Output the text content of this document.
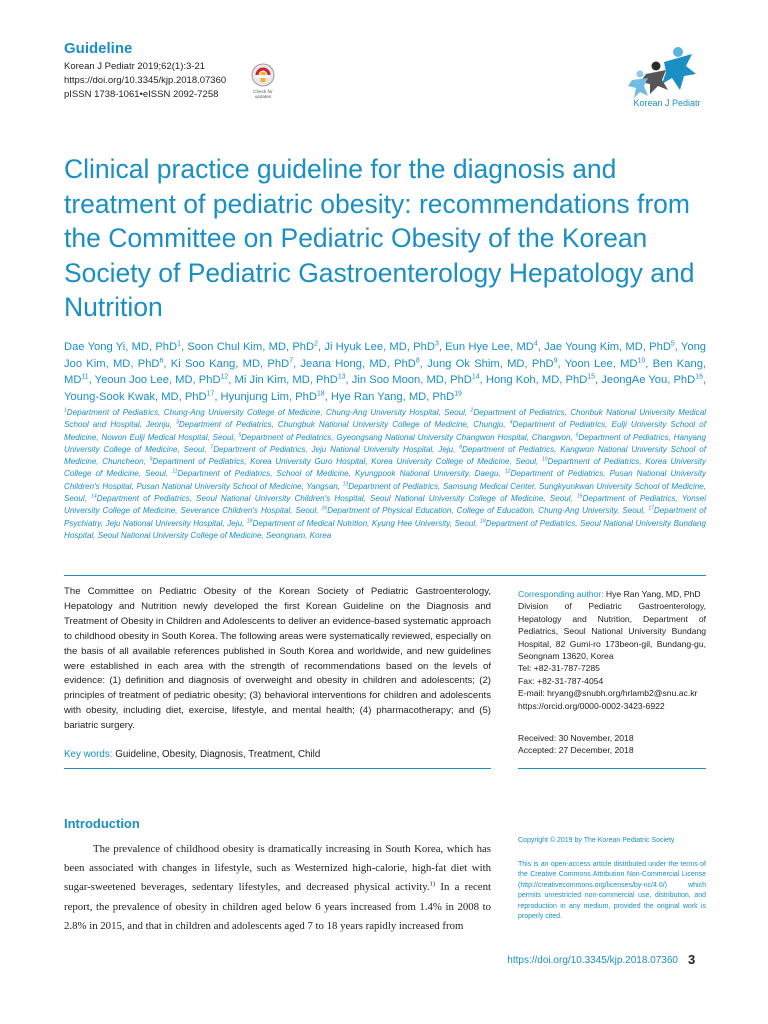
Guideline
Korean J Pediatr 2019;62(1):3-21
https://doi.org/10.3345/kjp.2018.07360
pISSN 1738-1061•eISSN 2092-7258	Check for
updates
Korean J Pediatr
Clinical practice guideline for the diagnosis and treatment of pediatric obesity: recommendations from the Committee on Pediatric Obesity of the Korean Society of Pediatric Gastroenterology Hepatology and Nutrition
Dae Yong Yi, MD, PhD$^1$, Soon Chul Kim, MD, PhD$^2$, Ji Hyuk Lee, MD, PhD$^3$, Eun Hye Lee, $MD^4$, Jae Young Kim, MD, PhD$^5$, Yong Joo Kim, MD, PhD$^6$, Ki Soo Kang, MD, PhD$^7$, Jeana Hong, MD, PhD$^8$, Jung Ok Shim, MD, PhD$^9$, Yoon Lee, MD$^{10}$, Ben Kang, MD$^{11}$, Yeoun Joo Lee, MD, PhD$^{12}$, Mi Jin Kim, MD, PhD$^{13}$, Jin Soo Moon, MD, PhD$^{14}$, Hong Koh, MD, PhD$^{15}$, JeongAe You, PhD$^{16}$, Young-Sook Kwak, MD, PhD$^{17}$, Hyunjung Lim, PhD$^{18}$, Hye Ran Yang, MD, PhD$^{19}$
$^1$Department of Pediatrics, Chung-Ang University College of Medicine, Chung-Ang University Hospital, Seoul, $^2$Department of Pediatrics, Chonbuk National University Medical School and Hospital, Jeonju, $^3$Department of Pediatrics, Chungbuk National University College of Medicine, Chungju, $^4$Department of Pediatrics, Eulji University School of Medicine, Nowon Eulji Medical Hospital, Seoul, $^5$Department of Pediatrics, Gyeongsang National University Changwon Hospital, Changwon, $^6$Department of Pediatrics, Hanyang University College of Medicine, Seoul, $^7$Department of Pediatrics, Jeju National University Hospital, Jeju, $^8$Department of Pediatrics, Kangwon National University School of Medicine, Chuncheon, $^9$Department of Pediatrics, Korea University Guro Hospital, Korea University College of Medicine, Seoul, $^{10}$Department of Pediatrics, Korea University College of Medicine, Seoul, $^{11}$Department of Pediatrics, School of Medicine, Kyungpook National University, Daegu, $^{12}$Department of Pediatrics, Pusan National University Children's Hospital, Pusan National University School of Medicine, Yangsan, $^{13}$Department of Pediatrics, Samsung Medical Center, Sungkyunkwan University School of Medicine, Seoul, $^{14}$Department of Pediatrics, Seoul National University Children's Hospital, Seoul National University College of Medicine, Seoul, $^{15}$Department of Pediatrics, Yonsei University College of Medicine, Severance Children's Hospital, Seoul, $^{16}$Department of Physical Education, College of Education, Chung-Ang University, Seoul, $^{17}$Department of Psychiatry, Jeju National University Hospital, Jeju, $^{18}$Department of Medical Nutrition, Kyung Hee University, Seoul, $^{19}$Department of Pediatrics, Seoul National University Bundang Hospital, Seoul National University College of Medicine, Seongnam, Korea
The Committee on Pediatric Obesity of the Korean Society of Pediatric Gastroenterology, Hepatology and Nutrition newly developed the first Korean Guideline on the Diagnosis and Treatment of Obesity in Children and Adolescents to deliver an evidence-based systematic approach to childhood obesity in South Korea. The following areas were systematically reviewed, especially on the basis of all available references published in South Korea and worldwide, and new guidelines were established in each area with the strength of recommendations based on the levels of evidence: (1) definition and diagnosis of overweight and obesity in children and adolescents; (2) principles of treatment of pediatric obesity; (3) behavioral interventions for children and adolescents with obesity, including diet, exercise, lifestyle, and mental health; (4) pharmacotherapy; and (5) bariatric surgery.
Key words: Guideline, Obesity, Diagnosis, Treatment, Child
Corresponding author: Hye Ran Yang, MD, PhD
Division of Pediatric Gastroenterology, Hepatology and Nutrition, Department of Pediatrics, Seoul National University Bundang Hospital, 82 Gumi-ro 173beon-gil, Bundang-gu, Seongnam 13620, Korea
Tel: +82-31-787-7285
Fax: +82-31-787-4054
E-mail: hryang@snubh.org/hrlamb2@snu.ac.kr
https://orcid.org/0000-0002-3423-6922
Received: 30 November, 2018
Accepted: 27 December, 2018
Introduction
The prevalence of childhood obesity is dramatically increasing in South Korea, which has been associated with changes in lifestyle, such as Westernized high-calorie, high-fat diet with sugar-sweetened beverages, sedentary lifestyles, and decreased physical activity.$^{1)}$ In a recent report, the prevalence of obesity in children aged below 6 years increased from 1.4% in 2008 to 2.8% in 2015, and that in children and adolescents aged 7 to 18 years rapidly increased from
Copyright © 2019 by The Korean Pediatric Society
This is an open-access article distributed under the terms of the Creative Commons Attribution Non-Commercial License (http://creativecommons.org/licenses/by-nc/4.0/) which permits unrestricted non-commercial use, distribution, and reproduction in any medium, provided the original work is properly cited.
https://doi.org/10.3345/kjp.2018.07360 3
